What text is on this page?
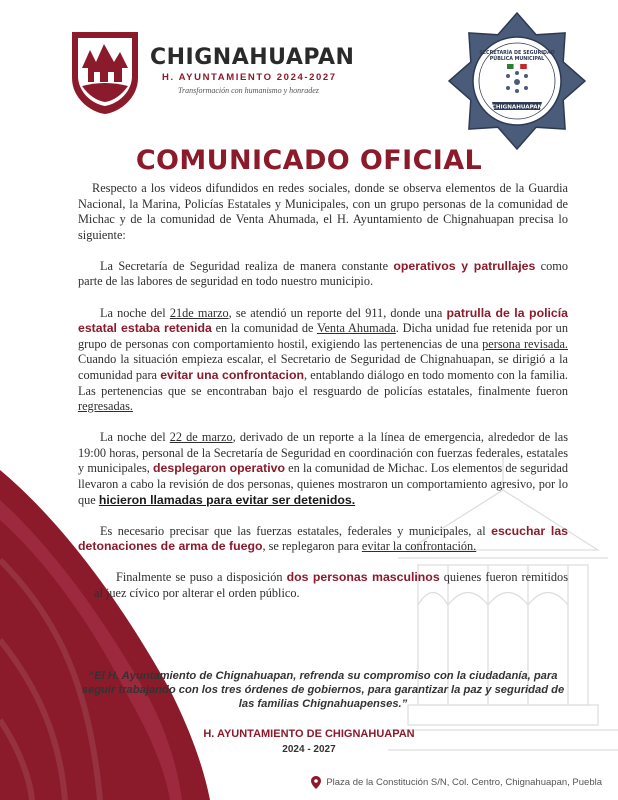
CHIGNAHUAPAN
H. AYUNTAMIENTO 2024-2027
Transformación con humanismo y honradez
SECRETARÍA DE SEGURIDAD
PÚBLICA MUNICIPAL
CHIGNAHUAPAN
COMUNICADO OFICIAL

Respecto a los videos difundidos en redes sociales, donde se observa elementos de la Guardia Nacional, la Marina, Policías Estatales y Municipales, con un grupo personas de la comunidad de Michac y de la comunidad de Venta Ahumada, el H. Ayuntamiento de Chignahuapan precisa lo siguiente:

La Secretaría de Seguridad realiza de manera constante operativos y patrullajes como parte de las labores de seguridad en todo nuestro municipio.

La noche del 21de marzo, se atendió un reporte del 911, donde una patrulla de la policía estatal estaba retenida en la comunidad de Venta Ahumada. Dicha unidad fue retenida por un grupo de personas con comportamiento hostil, exigiendo las pertenencias de una persona revisada. Cuando la situación empieza escalar, el Secretario de Seguridad de Chignahuapan, se dirigió a la comunidad para evitar una confrontacion, entablando diálogo en todo momento con la familia. Las pertenencias que se encontraban bajo el resguardo de policías estatales, finalmente fueron regresadas.

La noche del 22 de marzo, derivado de un reporte a la línea de emergencia, alrededor de las 19:00 horas, personal de la Secretaría de Seguridad en coordinación con fuerzas federales, estatales y municipales, desplegaron operativo en la comunidad de Michac. Los elementos de seguridad llevaron a cabo la revisión de dos personas, quienes mostraron un comportamiento agresivo, por lo que hicieron llamadas para evitar ser detenidos.

Es necesario precisar que las fuerzas estatales, federales y municipales, al escuchar las detonaciones de arma de fuego, se replegaron para evitar la confrontación.

Finalmente se puso a disposición dos personas masculinos quienes fueron remitidos al juez cívico por alterar el orden público.

“El H. Ayuntamiento de Chignahuapan, refrenda su compromiso con la ciudadanía, para seguir trabajando con los tres órdenes de gobiernos, para garantizar la paz y seguridad de las familias Chignahuapenses.”
H. AYUNTAMIENTO DE CHIGNAHUAPAN
2024 - 2027
Plaza de la Constitución S/N, Col. Centro, Chignahuapan, Puebla
